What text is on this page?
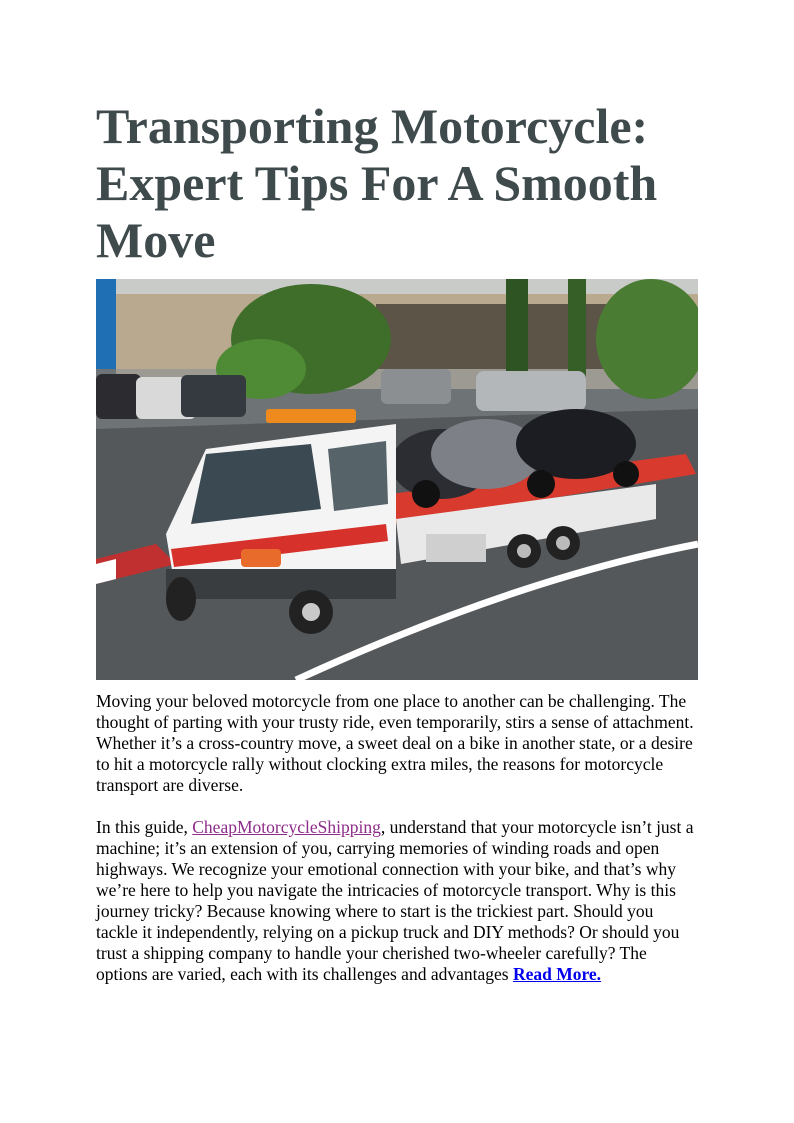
Transporting Motorcycle: Expert Tips For A Smooth Move

Moving your beloved motorcycle from one place to another can be challenging. The thought of parting with your trusty ride, even temporarily, stirs a sense of attachment. Whether it’s a cross-country move, a sweet deal on a bike in another state, or a desire to hit a motorcycle rally without clocking extra miles, the reasons for motorcycle transport are diverse.

In this guide, CheapMotorcycleShipping, understand that your motorcycle isn’t just a machine; it’s an extension of you, carrying memories of winding roads and open highways. We recognize your emotional connection with your bike, and that’s why we’re here to help you navigate the intricacies of motorcycle transport. Why is this journey tricky? Because knowing where to start is the trickiest part. Should you tackle it independently, relying on a pickup truck and DIY methods? Or should you trust a shipping company to handle your cherished two-wheeler carefully? The options are varied, each with its challenges and advantages Read More.
